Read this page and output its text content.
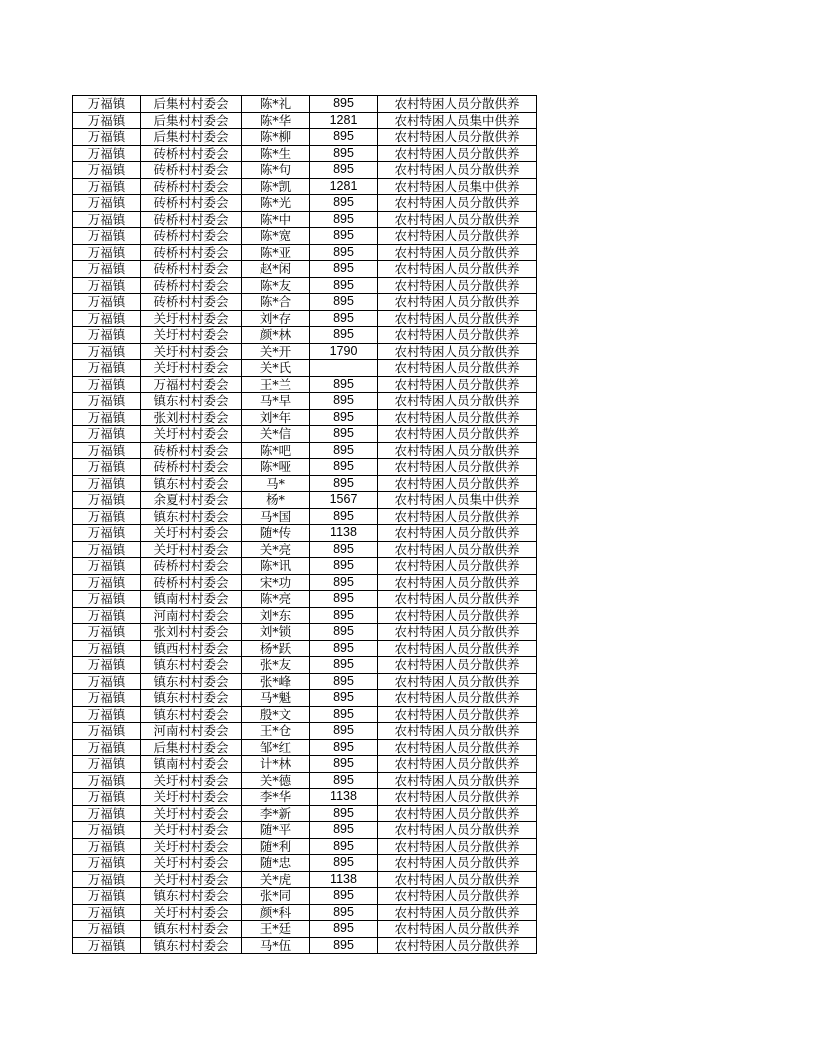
万福镇	后集村村委会	陈*礼	895	农村特困人员分散供养
万福镇	后集村村委会	陈*华	1281	农村特困人员集中供养
万福镇	后集村村委会	陈*柳	895	农村特困人员分散供养
万福镇	砖桥村村委会	陈*生	895	农村特困人员分散供养
万福镇	砖桥村村委会	陈*句	895	农村特困人员分散供养
万福镇	砖桥村村委会	陈*凯	1281	农村特困人员集中供养
万福镇	砖桥村村委会	陈*光	895	农村特困人员分散供养
万福镇	砖桥村村委会	陈*中	895	农村特困人员分散供养
万福镇	砖桥村村委会	陈*宽	895	农村特困人员分散供养
万福镇	砖桥村村委会	陈*亚	895	农村特困人员分散供养
万福镇	砖桥村村委会	赵*闲	895	农村特困人员分散供养
万福镇	砖桥村村委会	陈*友	895	农村特困人员分散供养
万福镇	砖桥村村委会	陈*合	895	农村特困人员分散供养
万福镇	关圩村村委会	刘*存	895	农村特困人员分散供养
万福镇	关圩村村委会	颜*林	895	农村特困人员分散供养
万福镇	关圩村村委会	关*开	1790	农村特困人员分散供养
万福镇	关圩村村委会	关*氏		农村特困人员分散供养
万福镇	万福村村委会	王*兰	895	农村特困人员分散供养
万福镇	镇东村村委会	马*早	895	农村特困人员分散供养
万福镇	张刘村村委会	刘*年	895	农村特困人员分散供养
万福镇	关圩村村委会	关*信	895	农村特困人员分散供养
万福镇	砖桥村村委会	陈*吧	895	农村特困人员分散供养
万福镇	砖桥村村委会	陈*哑	895	农村特困人员分散供养
万福镇	镇东村村委会	马*	895	农村特困人员分散供养
万福镇	余夏村村委会	杨*	1567	农村特困人员集中供养
万福镇	镇东村村委会	马*国	895	农村特困人员分散供养
万福镇	关圩村村委会	随*传	1138	农村特困人员分散供养
万福镇	关圩村村委会	关*亮	895	农村特困人员分散供养
万福镇	砖桥村村委会	陈*讯	895	农村特困人员分散供养
万福镇	砖桥村村委会	宋*功	895	农村特困人员分散供养
万福镇	镇南村村委会	陈*亮	895	农村特困人员分散供养
万福镇	河南村村委会	刘*东	895	农村特困人员分散供养
万福镇	张刘村村委会	刘*锁	895	农村特困人员分散供养
万福镇	镇西村村委会	杨*跃	895	农村特困人员分散供养
万福镇	镇东村村委会	张*友	895	农村特困人员分散供养
万福镇	镇东村村委会	张*峰	895	农村特困人员分散供养
万福镇	镇东村村委会	马*魁	895	农村特困人员分散供养
万福镇	镇东村村委会	殷*文	895	农村特困人员分散供养
万福镇	河南村村委会	王*仓	895	农村特困人员分散供养
万福镇	后集村村委会	邹*红	895	农村特困人员分散供养
万福镇	镇南村村委会	计*林	895	农村特困人员分散供养
万福镇	关圩村村委会	关*德	895	农村特困人员分散供养
万福镇	关圩村村委会	李*华	1138	农村特困人员分散供养
万福镇	关圩村村委会	李*新	895	农村特困人员分散供养
万福镇	关圩村村委会	随*平	895	农村特困人员分散供养
万福镇	关圩村村委会	随*利	895	农村特困人员分散供养
万福镇	关圩村村委会	随*忠	895	农村特困人员分散供养
万福镇	关圩村村委会	关*虎	1138	农村特困人员分散供养
万福镇	镇东村村委会	张*同	895	农村特困人员分散供养
万福镇	关圩村村委会	颜*科	895	农村特困人员分散供养
万福镇	镇东村村委会	王*廷	895	农村特困人员分散供养
万福镇	镇东村村委会	马*伍	895	农村特困人员分散供养
